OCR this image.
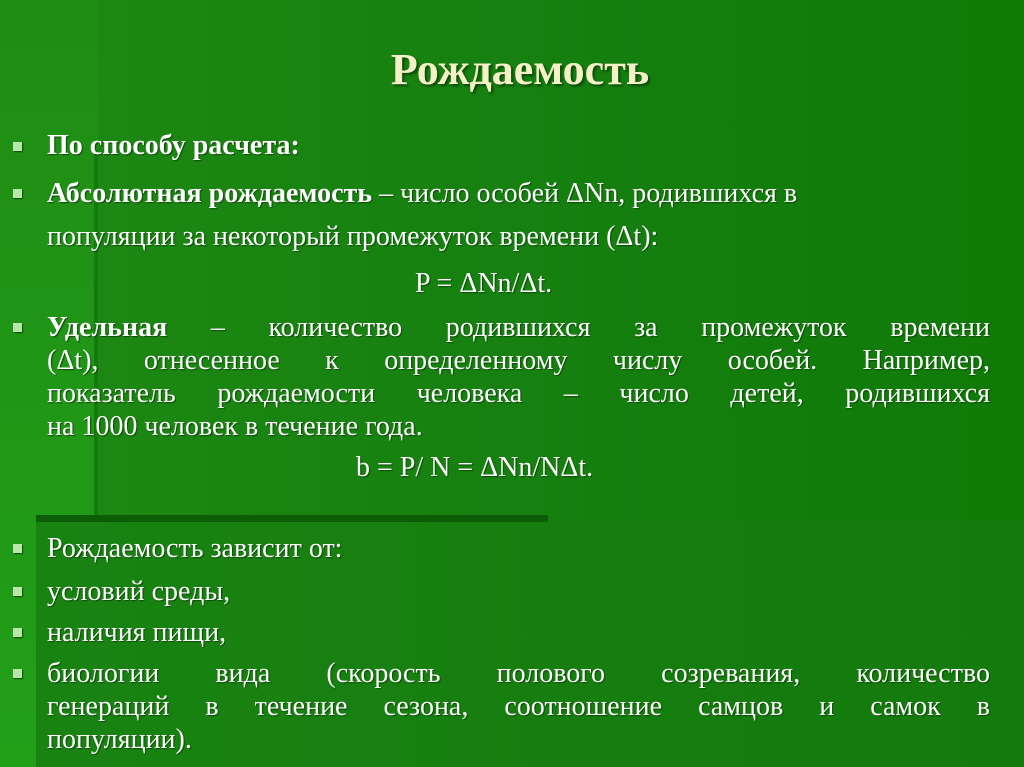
Рождаемость
По способу расчета:
Абсолютная рождаемость – число особей ΔNn, родившихся в
популяции за некоторый промежуток времени (Δt):
P = ΔNn/Δt.
Удельная – количество родившихся за промежуток времени
(Δt), отнесенное к определенному числу особей. Например,
показатель рождаемости человека – число детей, родившихся
на 1000 человек в течение года.
b = P/ N = ΔNn/NΔt.
Рождаемость зависит от:
условий среды,
наличия пищи,
биологии вида (скорость полового созревания, количество
генераций в течение сезона, соотношение самцов и самок в
популяции).
